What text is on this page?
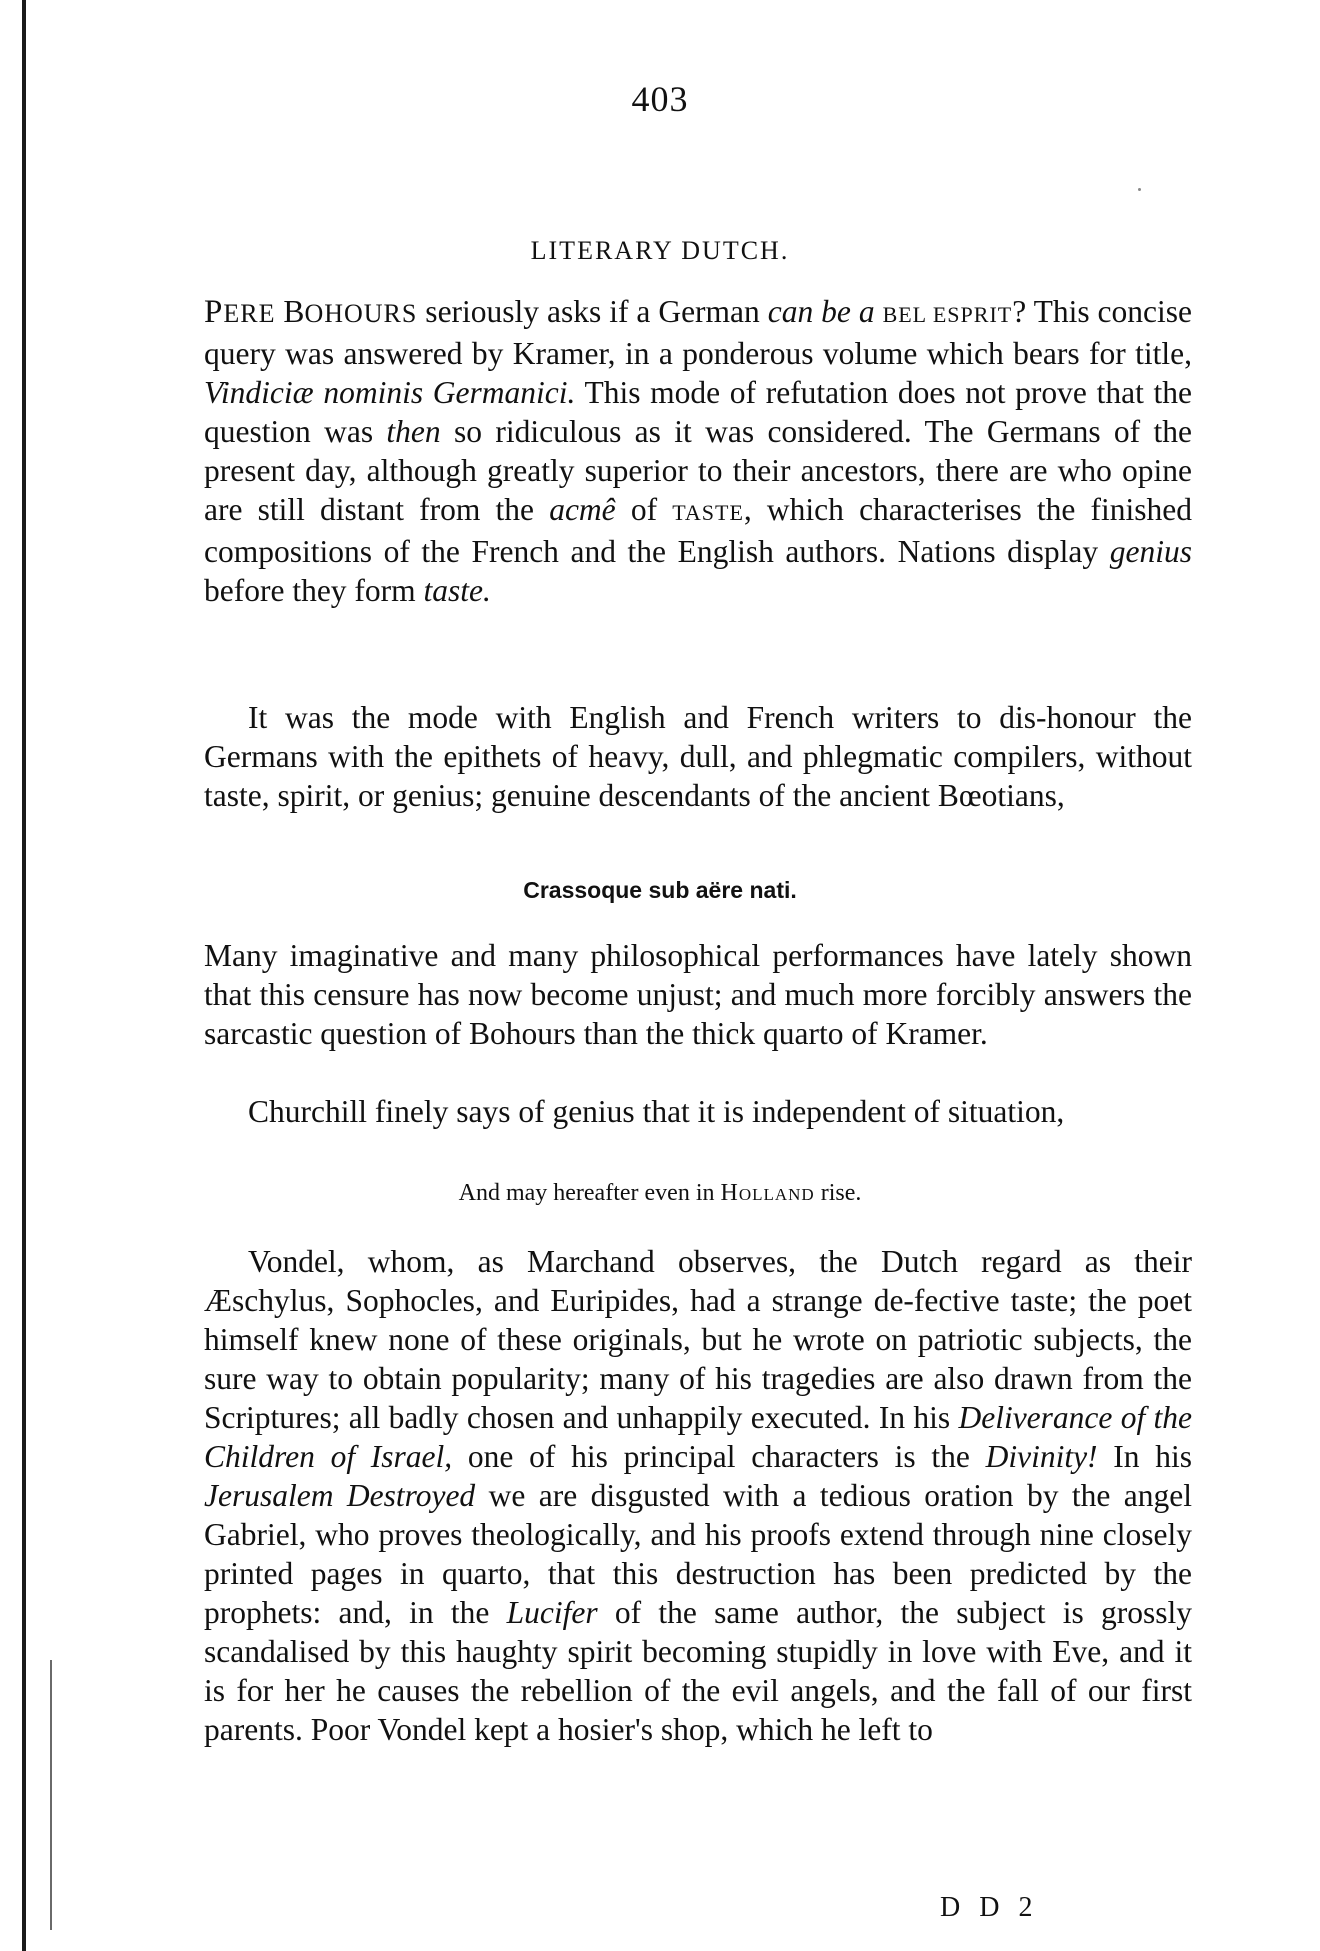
403
LITERARY DUTCH.

PERE BOHOURS seriously asks if a German can be a BEL ESPRIT? This concise query was answered by Kramer, in a ponderous volume which bears for title, Vindiciæ nominis Germanici. This mode of refutation does not prove that the question was then so ridiculous as it was considered. The Germans of the present day, although greatly superior to their ancestors, there are who opine are still distant from the acmê of TASTE, which characterises the finished compositions of the French and the English authors. Nations display genius before they form taste.

It was the mode with English and French writers to dis-honour the Germans with the epithets of heavy, dull, and phlegmatic compilers, without taste, spirit, or genius; genuine descendants of the ancient Bœotians,

Crassoque sub aëre nati.

Many imaginative and many philosophical performances have lately shown that this censure has now become unjust; and much more forcibly answers the sarcastic question of Bohours than the thick quarto of Kramer.

Churchill finely says of genius that it is independent of situation,

And may hereafter even in Holland rise.

Vondel, whom, as Marchand observes, the Dutch regard as their Æschylus, Sophocles, and Euripides, had a strange de-fective taste; the poet himself knew none of these originals, but he wrote on patriotic subjects, the sure way to obtain popularity; many of his tragedies are also drawn from the Scriptures; all badly chosen and unhappily executed. In his Deliverance of the Children of Israel, one of his principal characters is the Divinity! In his Jerusalem Destroyed we are disgusted with a tedious oration by the angel Gabriel, who proves theologically, and his proofs extend through nine closely printed pages in quarto, that this destruction has been predicted by the prophets: and, in the Lucifer of the same author, the subject is grossly scandalised by this haughty spirit becoming stupidly in love with Eve, and it is for her he causes the rebellion of the evil angels, and the fall of our first parents. Poor Vondel kept a hosier's shop, which he left to

D D 2
